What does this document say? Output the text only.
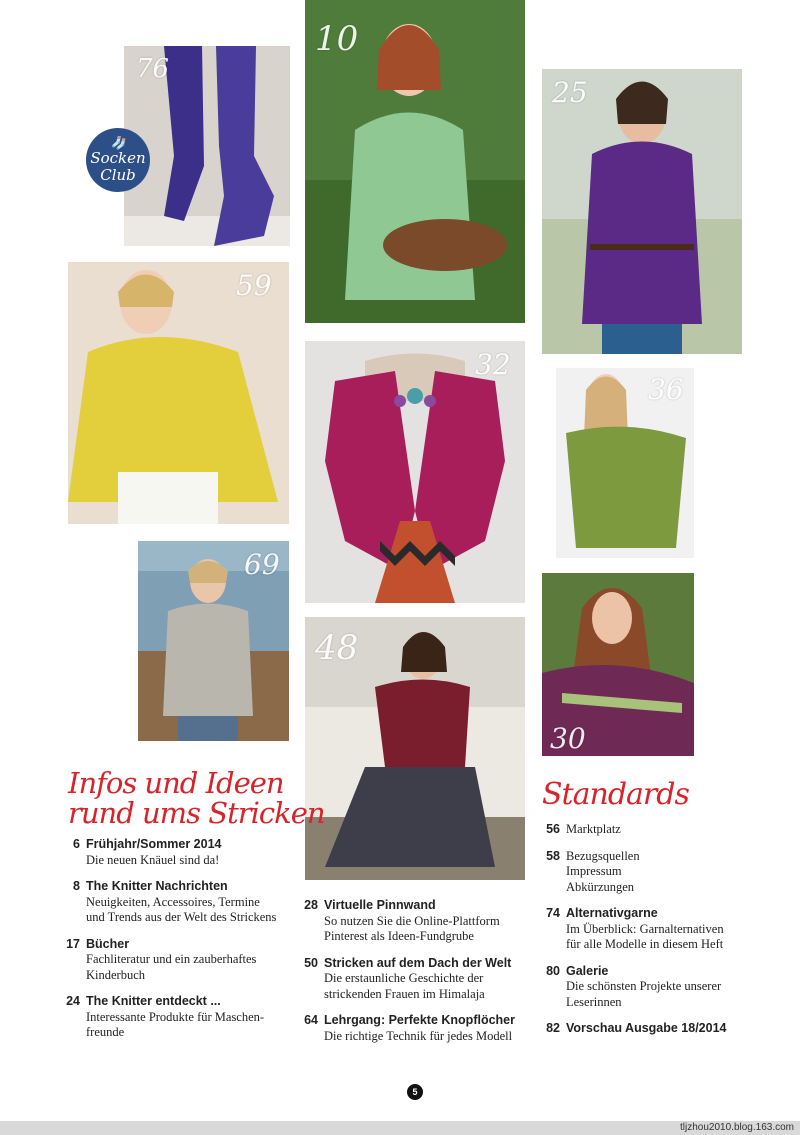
76
🧦
Socken
Club
10
25
59
32
36
69
48
30
Infos und Ideen
rund ums Stricken
Standards
6 Frühjahr/Sommer 2014
Die neuen Knäuel sind da!
8 The Knitter Nachrichten
Neuigkeiten, Accessoires, Termine
und Trends aus der Welt des Strickens
17 Bücher
Fachliteratur und ein zauberhaftes
Kinderbuch
24 The Knitter entdeckt ...
Interessante Produkte für Maschen-
freunde
28 Virtuelle Pinnwand
So nutzen Sie die Online-Plattform
Pinterest als Ideen-Fundgrube
50 Stricken auf dem Dach der Welt
Die erstaunliche Geschichte der
strickenden Frauen im Himalaja
64 Lehrgang: Perfekte Knopflöcher
Die richtige Technik für jedes Modell
56 Marktplatz
58 Bezugsquellen
Impressum
Abkürzungen
74 Alternativgarne
Im Überblick: Garnalternativen
für alle Modelle in diesem Heft
80 Galerie
Die schönsten Projekte unserer
Leserinnen
82 Vorschau Ausgabe 18/2014
5
tljzhou2010.blog.163.com
